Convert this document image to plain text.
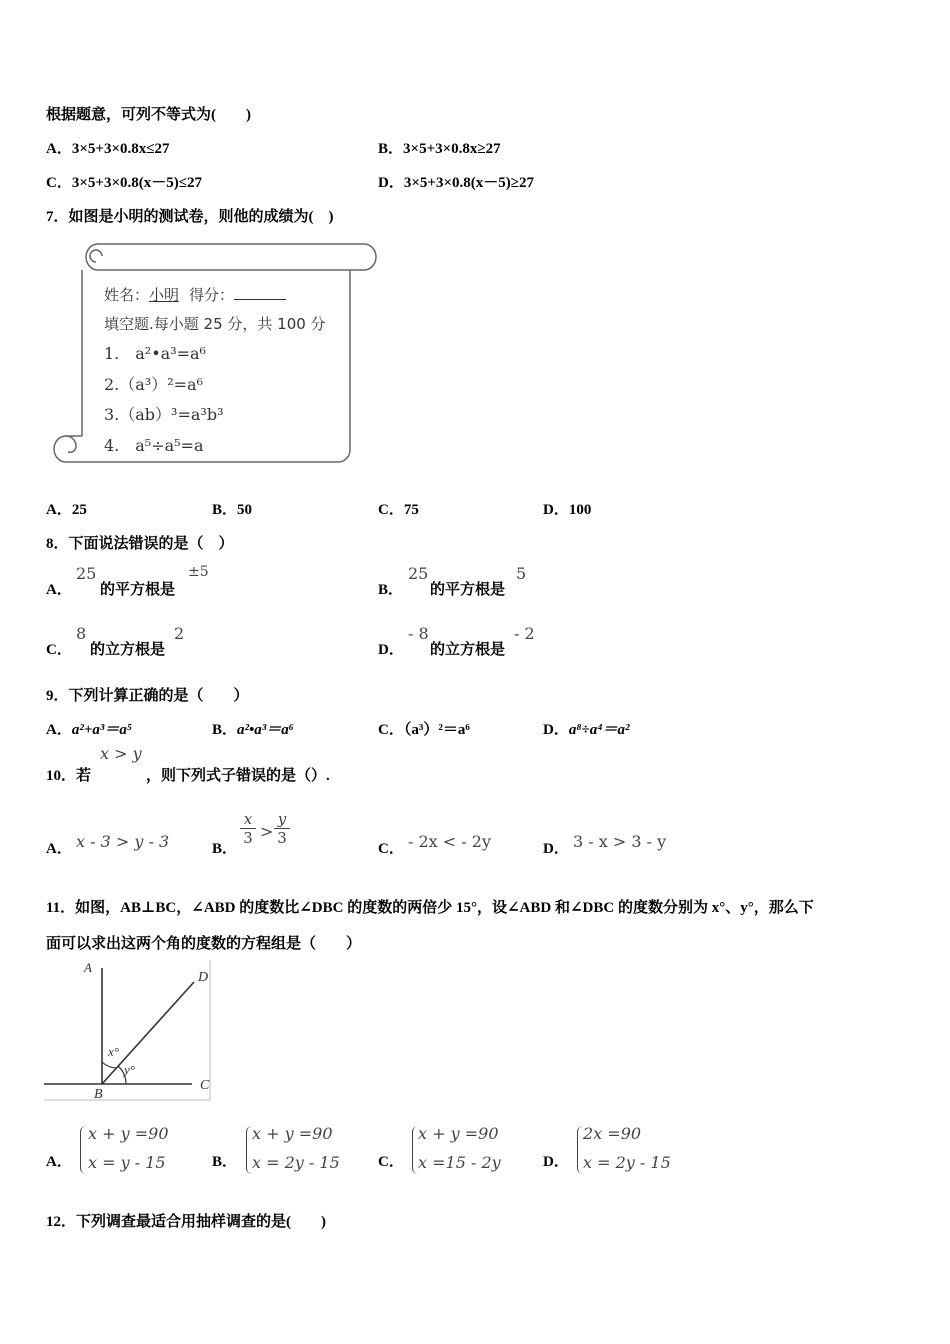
根据题意，可列不等式为(　　)
A．3×5+3×0.8x≤27	B．3×5+3×0.8x≥27
C．3×5+3×0.8(x－5)≤27	D．3×5+3×0.8(x－5)≥27
7．如图是小明的测试卷，则他的成绩为(　)
姓名：小明 得分：
填空题.每小题 25 分，共 100 分
1.　a²•a³=a⁶
2.（a³）²=a⁶
3.（ab）³=a³b³
4.　a⁵÷a⁵=a
A．25	B．50	C．75	D．100
8．下面说法错误的是（　）
A．
25
的平方根是
±5
B．
25
的平方根是
5
C．
8
的立方根是
2
D．
- 8
的立方根是
- 2
9．下列计算正确的是（　　）
A．a²+a³＝a⁵	B．a²•a³＝a⁶	C．（a³）²＝a⁶	D．a⁸÷a⁴＝a²
10．若
x > y
，则下列式子错误的是（）.
A． x - 3 > y - 3	B．
x
3 >
y
3
C． - 2x < - 2y	D． 3 - x > 3 - y
11．如图，AB⊥BC，∠ABD 的度数比∠DBC 的度数的两倍少 15°，设∠ABD 和∠DBC 的度数分别为 x°、y°，那么下
面可以求出这两个角的度数的方程组是（　　）
A
D
B
C
x°
y°
A．
x + y =90
x = y - 15	B．
x + y =90
x = 2y - 15	C．
x + y =90
x =15 - 2y	D．
2x =90
x = 2y - 15
12．下列调查最适合用抽样调查的是(　　)
